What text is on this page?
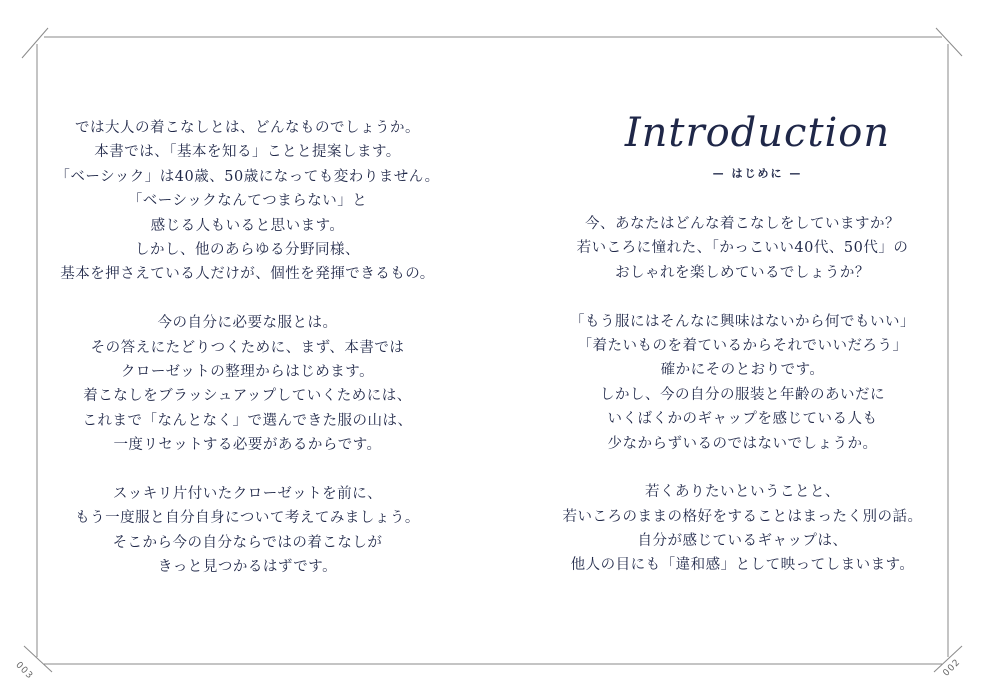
では大人の着こなしとは、どんなものでしょうか。
本書では、「基本を知る」ことと提案します。
「ベーシック」は40歳、50歳になっても変わりません。
「ベーシックなんてつまらない」と
感じる人もいると思います。
しかし、他のあらゆる分野同様、
基本を押さえている人だけが、個性を発揮できるもの。
今の自分に必要な服とは。
その答えにたどりつくために、まず、本書では
クローゼットの整理からはじめます。
着こなしをブラッシュアップしていくためには、
これまで「なんとなく」で選んできた服の山は、
一度リセットする必要があるからです。
スッキリ片付いたクローゼットを前に、
もう一度服と自分自身について考えてみましょう。
そこから今の自分ならではの着こなしが
きっと見つかるはずです。
Introduction
— はじめに —
今、あなたはどんな着こなしをしていますか？
若いころに憧れた、「かっこいい40代、50代」の
おしゃれを楽しめているでしょうか？
「もう服にはそんなに興味はないから何でもいい」
「着たいものを着ているからそれでいいだろう」
確かにそのとおりです。
しかし、今の自分の服装と年齢のあいだに
いくばくかのギャップを感じている人も
少なからずいるのではないでしょうか。
若くありたいということと、
若いころのままの格好をすることはまったく別の話。
自分が感じているギャップは、
他人の目にも「違和感」として映ってしまいます。
003	002
